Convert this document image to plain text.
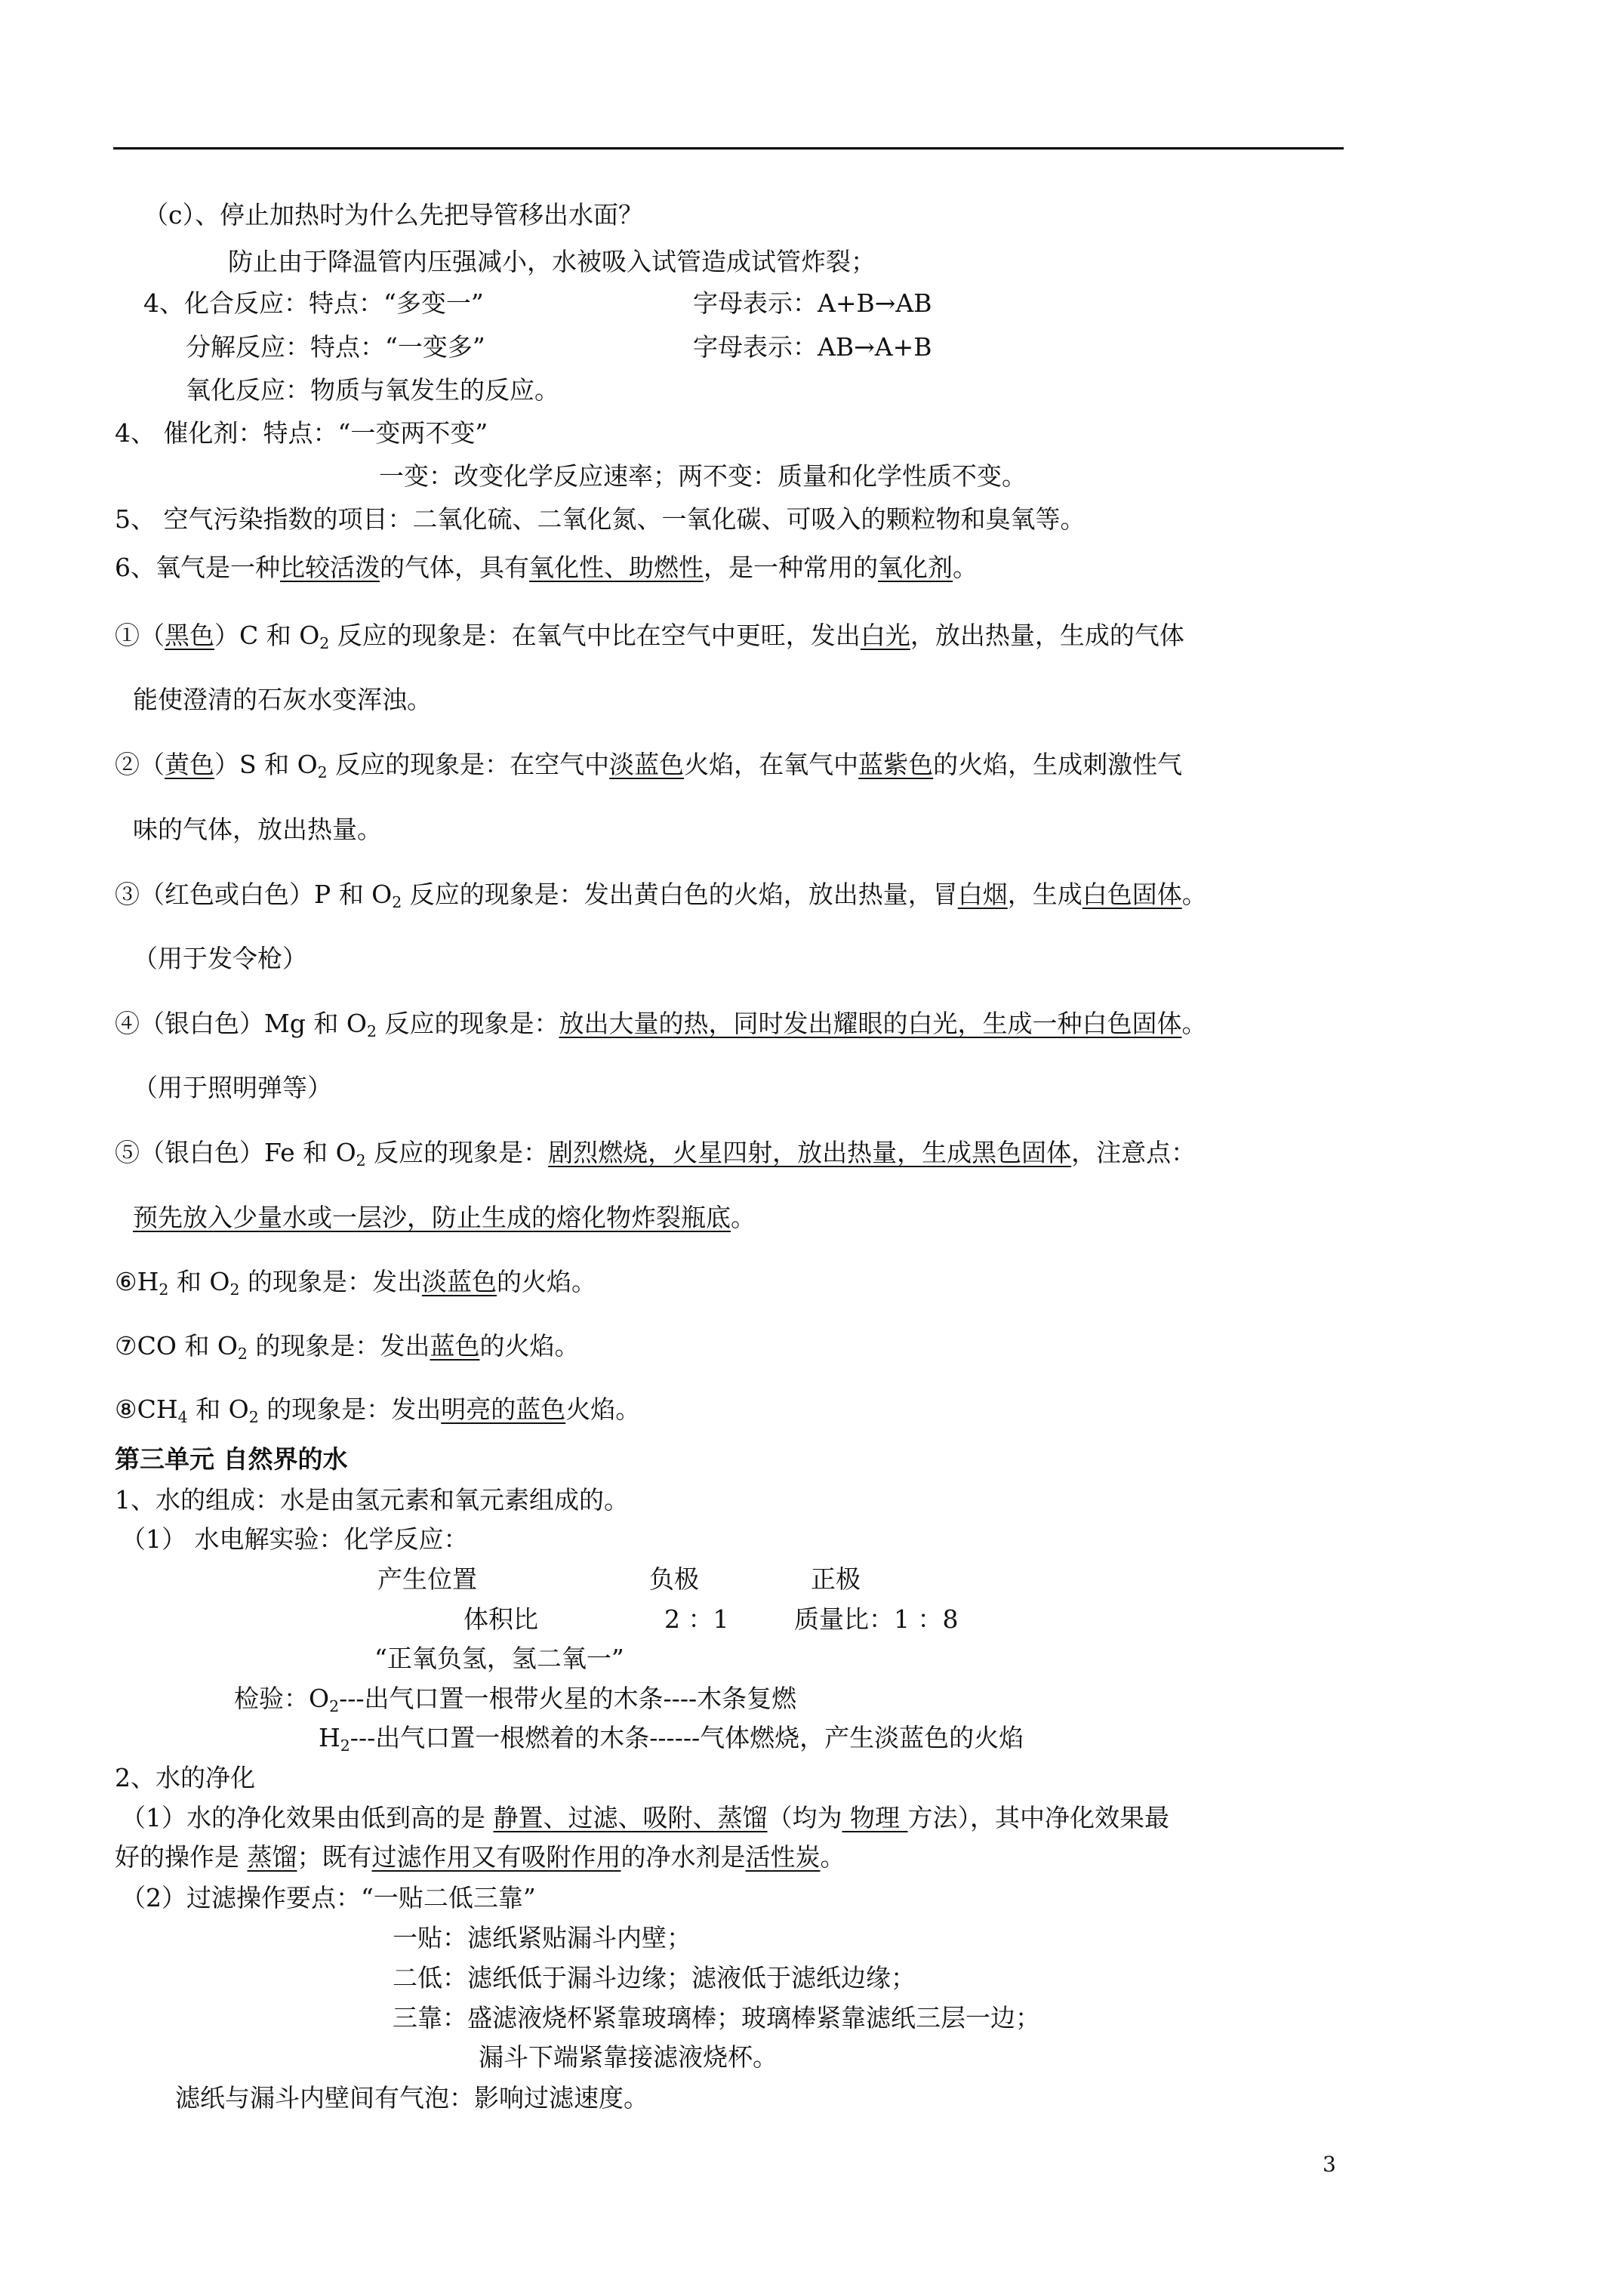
（c）、停止加热时为什么先把导管移出水面？
防止由于降温管内压强减小，水被吸入试管造成试管炸裂；
4、化合反应：特点：“多变一”	字母表示：A+B→AB
分解反应：特点：“一变多”	字母表示：AB→A+B
氧化反应：物质与氧发生的反应。
4、 催化剂：特点：“一变两不变”
一变：改变化学反应速率；两不变：质量和化学性质不变。
5、 空气污染指数的项目：二氧化硫、二氧化氮、一氧化碳、可吸入的颗粒物和臭氧等。
6、氧气是一种比较活泼的气体，具有氧化性、助燃性，是一种常用的氧化剂。
①（黑色）C 和 $O_2$ 反应的现象是：在氧气中比在空气中更旺，发出白光，放出热量，生成的气体
能使澄清的石灰水变浑浊。
②（黄色）S 和 $O_2$ 反应的现象是：在空气中淡蓝色火焰，在氧气中蓝紫色的火焰，生成刺激性气
味的气体，放出热量。
③（红色或白色）P 和 $O_2$ 反应的现象是：发出黄白色的火焰，放出热量，冒白烟，生成白色固体。
（用于发令枪）
④（银白色）Mg 和 $O_2$ 反应的现象是：放出大量的热，同时发出耀眼的白光，生成一种白色固体。
（用于照明弹等）
⑤（银白色）Fe 和 $O_2$ 反应的现象是：剧烈燃烧，火星四射，放出热量，生成黑色固体，注意点：
预先放入少量水或一层沙，防止生成的熔化物炸裂瓶底。
$⑥H_2$ 和 $O_2$ 的现象是：发出淡蓝色的火焰。
⑦CO 和 $O_2$ 的现象是：发出蓝色的火焰。
$⑧CH_4$ 和 $O_2$ 的现象是：发出明亮的蓝色火焰。
第三单元 自然界的水
1、水的组成：水是由氢元素和氧元素组成的。
（1） 水电解实验：化学反应：
产生位置	负极	正极
体积比	2 ：1	质量比：1 ：8
“正氧负氢，氢二氧一”
检验：$O_2---$出气口置一根带火星的木条----木条复燃
$H_2---$出气口置一根燃着的木条------气体燃烧，产生淡蓝色的火焰
2、水的净化
（1）水的净化效果由低到高的是 静置、过滤、吸附、蒸馏（均为 物理 方法），其中净化效果最
好的操作是 蒸馏；既有过滤作用又有吸附作用的净水剂是活性炭。
（2）过滤操作要点：“一贴二低三靠”
一贴：滤纸紧贴漏斗内壁；
二低：滤纸低于漏斗边缘；滤液低于滤纸边缘；
三靠：盛滤液烧杯紧靠玻璃棒；玻璃棒紧靠滤纸三层一边；
漏斗下端紧靠接滤液烧杯。
滤纸与漏斗内壁间有气泡：影响过滤速度。
3
